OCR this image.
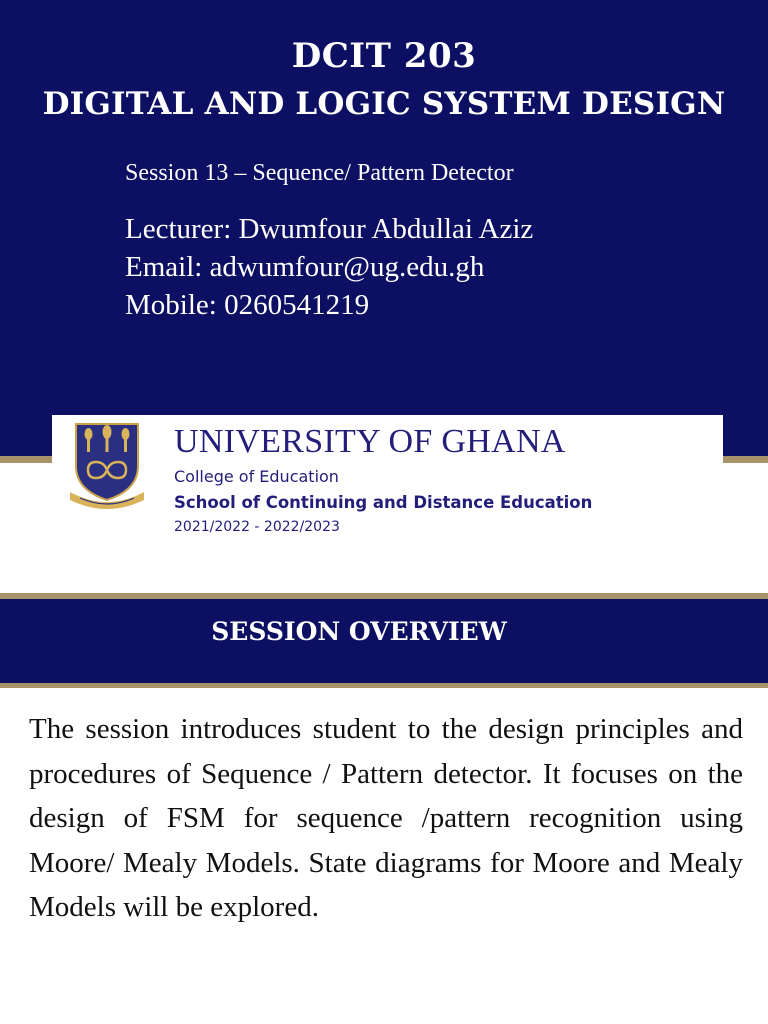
DCIT 203
DIGITAL AND LOGIC SYSTEM DESIGN
Session 13 – Sequence/ Pattern Detector
Lecturer: Dwumfour Abdullai Aziz
Email: adwumfour@ug.edu.gh
Mobile: 0260541219
UNIVERSITY OF GHANA
College of Education
School of Continuing and Distance Education
2021/2022 - 2022/2023
SESSION OVERVIEW

The session introduces student to the design principles and procedures of Sequence / Pattern detector. It focuses on the design of FSM for sequence /pattern recognition using Moore/ Mealy Models. State diagrams for Moore and Mealy Models will be explored.
